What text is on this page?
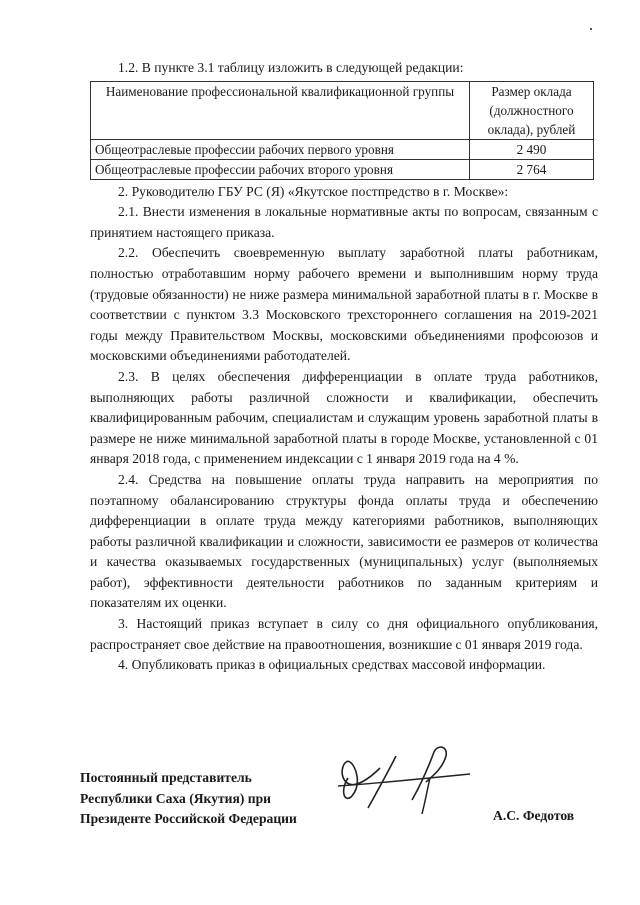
1.2. В пункте 3.1 таблицу изложить в следующей редакции:

Наименование профессиональной квалификационной группы	Размер оклада (должностного оклада), рублей
Общеотраслевые профессии рабочих первого уровня	2 490
Общеотраслевые профессии рабочих второго уровня	2 764

2. Руководителю ГБУ РС (Я) «Якутское постпредство в г. Москве»:

2.1. Внести изменения в локальные нормативные акты по вопросам, связанным с принятием настоящего приказа.

2.2. Обеспечить своевременную выплату заработной платы работникам, полностью отработавшим норму рабочего времени и выполнившим норму труда (трудовые обязанности) не ниже размера минимальной заработной платы в г. Москве в соответствии с пунктом 3.3 Московского трехстороннего соглашения на 2019-2021 годы между Правительством Москвы, московскими объединениями профсоюзов и московскими объединениями работодателей.

2.3. В целях обеспечения дифференциации в оплате труда работников, выполняющих работы различной сложности и квалификации, обеспечить квалифицированным рабочим, специалистам и служащим уровень заработной платы в размере не ниже минимальной заработной платы в городе Москве, установленной с 01 января 2018 года, с применением индексации с 1 января 2019 года на 4 %.

2.4. Средства на повышение оплаты труда направить на мероприятия по поэтапному обалансированию структуры фонда оплаты труда и обеспечению дифференциации в оплате труда между категориями работников, выполняющих работы различной квалификации и сложности, зависимости ее размеров от количества и качества оказываемых государственных (муниципальных) услуг (выполняемых работ), эффективности деятельности работников по заданным критериям и показателям их оценки.

3. Настоящий приказ вступает в силу со дня официального опубликования, распространяет свое действие на правоотношения, возникшие с 01 января 2019 года.

4. Опубликовать приказ в официальных средствах массовой информации.

Постоянный представитель
Республики Саха (Якутия) при
Президенте Российской Федерации	А.С. Федотов
